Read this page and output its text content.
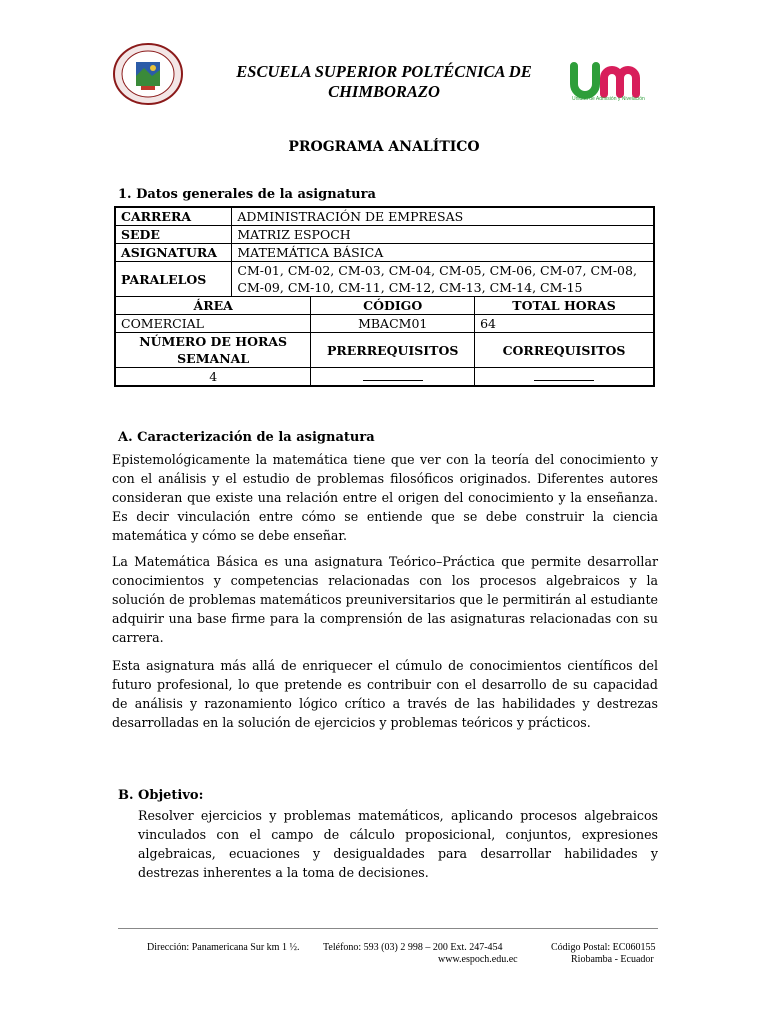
ESCUELA SUPERIOR POLTÉCNICA DE CHIMBORAZO	Unidad de Admisión y Nivelación
PROGRAMA ANALÍTICO
1. Datos generales de la asignatura
CARRERA	ADMINISTRACIÓN DE EMPRESAS		
SEDE	MATRIZ ESPOCH		
ASIGNATURA	MATEMÁTICA BÁSICA		
PARALELOS	CM-01, CM-02, CM-03, CM-04, CM-05, CM-06, CM-07, CM-08,
CM-09, CM-10, CM-11, CM-12, CM-13, CM-14, CM-15		

ÁREA		CÓDIGO	TOTAL HORAS
COMERCIAL		MBACM01	64
NÚMERO DE HORAS SEMANAL		PRERREQUISITOS	CORREQUISITOS
4			
A. Caracterización de la asignatura
Epistemológicamente la matemática tiene que ver con la teoría del conocimiento y con el análisis y el estudio de problemas filosóficos originados. Diferentes autores consideran que existe una relación entre el origen del conocimiento y la enseñanza. Es decir vinculación entre cómo se entiende que se debe construir la ciencia matemática y cómo se debe enseñar.
La Matemática Básica es una asignatura Teórico–Práctica que permite desarrollar conocimientos y competencias relacionadas con los procesos algebraicos y la solución de problemas matemáticos preuniversitarios que le permitirán al estudiante adquirir una base firme para la comprensión de las asignaturas relacionadas con su carrera.
Esta asignatura más allá de enriquecer el cúmulo de conocimientos científicos del futuro profesional, lo que pretende es contribuir con el desarrollo de su capacidad de análisis y razonamiento lógico crítico a través de las habilidades y destrezas desarrolladas en la solución de ejercicios y problemas teóricos y prácticos.
B. Objetivo:
Resolver ejercicios y problemas matemáticos, aplicando procesos algebraicos vinculados con el campo de cálculo proposicional, conjuntos, expresiones algebraicas, ecuaciones y desigualdades para desarrollar habilidades y destrezas inherentes a la toma de decisiones.
Dirección: Panamericana Sur km 1 ½. Teléfono: 593 (03) 2 998 – 200 Ext. 247-454
www.espoch.edu.ec
Código Postal: EC060155
Riobamba - Ecuador
